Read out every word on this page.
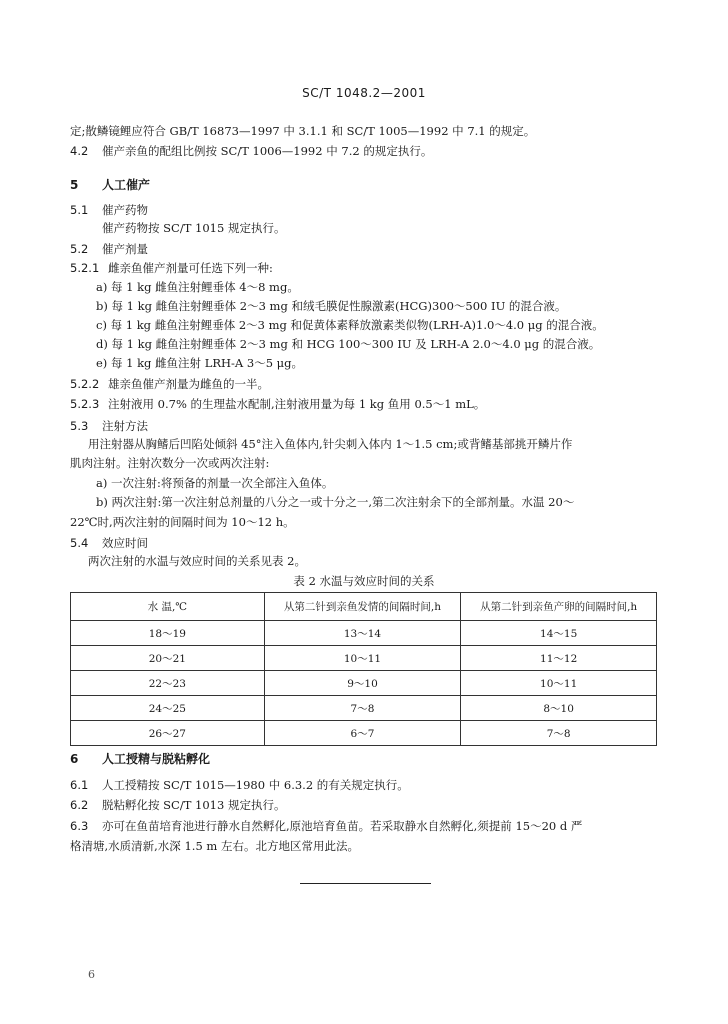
SC/T 1048.2—2001
定;散鳞镜鲤应符合 GB/T 16873—1997 中 3.1.1 和 SC/T 1005—1992 中 7.1 的规定。
4.2 催产亲鱼的配组比例按 SC/T 1006—1992 中 7.2 的规定执行。
5 人工催产
5.1 催产药物
催产药物按 SC/T 1015 规定执行。
5.2 催产剂量
5.2.1 雌亲鱼催产剂量可任选下列一种:
a) 每 1 kg 雌鱼注射鲤垂体 4～8 mg。
b) 每 1 kg 雌鱼注射鲤垂体 2～3 mg 和绒毛膜促性腺激素(HCG)300～500 IU 的混合液。
c) 每 1 kg 雌鱼注射鲤垂体 2～3 mg 和促黄体素释放激素类似物(LRH-A)1.0～4.0 μg 的混合液。
d) 每 1 kg 雌鱼注射鲤垂体 2～3 mg 和 HCG 100～300 IU 及 LRH-A 2.0～4.0 μg 的混合液。
e) 每 1 kg 雌鱼注射 LRH-A 3～5 μg。
5.2.2 雄亲鱼催产剂量为雌鱼的一半。
5.2.3 注射液用 0.7% 的生理盐水配制,注射液用量为每 1 kg 鱼用 0.5～1 mL。
5.3 注射方法
用注射器从胸鳍后凹陷处倾斜 45°注入鱼体内,针尖刺入体内 1～1.5 cm;或背鳍基部挑开鳞片作
肌肉注射。注射次数分一次或两次注射:
a) 一次注射:将预备的剂量一次全部注入鱼体。
b) 两次注射:第一次注射总剂量的八分之一或十分之一,第二次注射余下的全部剂量。水温 20～
22℃时,两次注射的间隔时间为 10～12 h。
5.4 效应时间
两次注射的水温与效应时间的关系见表 2。
表 2 水温与效应时间的关系
水 温,℃	从第二针到亲鱼发情的间隔时间,h	从第二针到亲鱼产卵的间隔时间,h
18～19	13～14	14～15
20～21	10～11	11～12
22～23	9～10	10～11
24～25	7～8	8～10
26～27	6～7	7～8
6 人工授精与脱粘孵化
6.1 人工授精按 SC/T 1015—1980 中 6.3.2 的有关规定执行。
6.2 脱粘孵化按 SC/T 1013 规定执行。
6.3 亦可在鱼苗培育池进行静水自然孵化,原池培育鱼苗。若采取静水自然孵化,须提前 15～20 d 严
格清塘,水质清新,水深 1.5 m 左右。北方地区常用此法。
6
